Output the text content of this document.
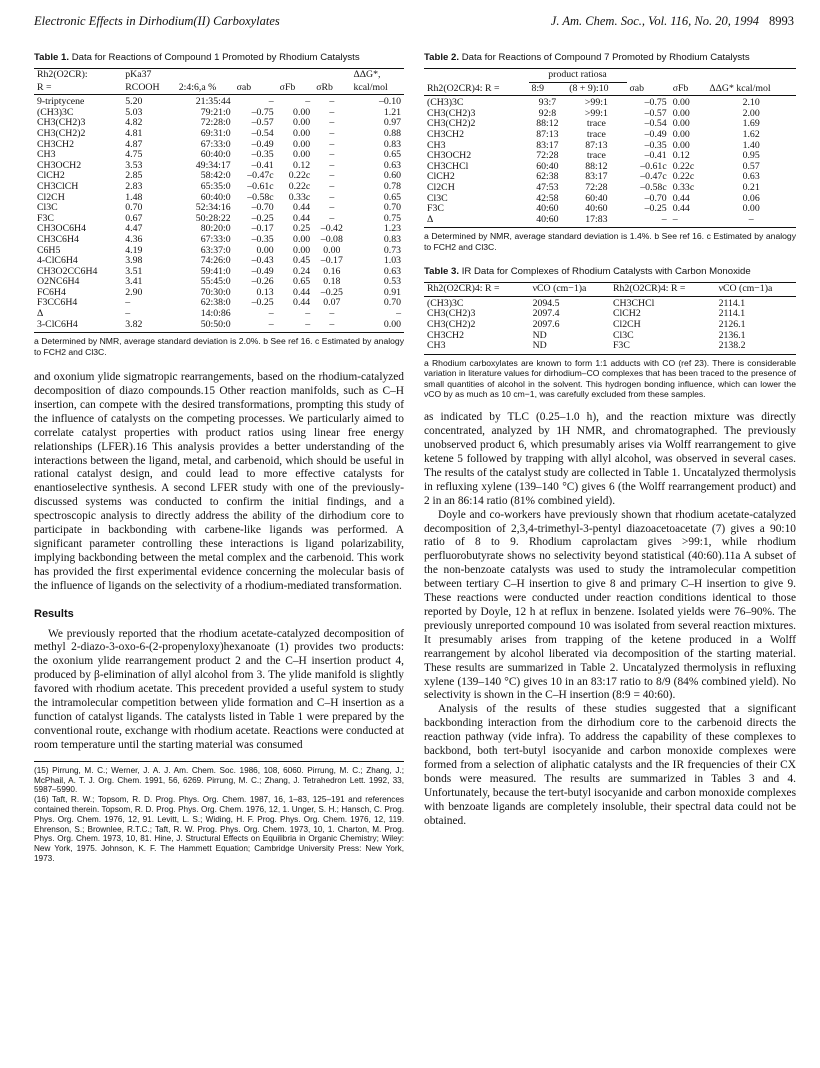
Electronic Effects in Dirhodium(II) Carboxylates	J. Am. Chem. Soc., Vol. 116, No. 20, 1994 8993

Table 1. Data for Reactions of Compound 1 Promoted by Rhodium Catalysts

Rh2(O2CR):	pKa37					ΔΔG*,
R =	RCOOH	2:4:6,a %	σab	σFb	σRb	kcal/mol
9-triptycene	5.20	21:35:44	–	–	–	–0.10
(CH3)3C	5.03	79:21:0	–0.75	0.00	–	1.21
CH3(CH2)3	4.82	72:28:0	–0.57	0.00	–	0.97
CH3(CH2)2	4.81	69:31:0	–0.54	0.00	–	0.88
CH3CH2	4.87	67:33:0	–0.49	0.00	–	0.83
CH3	4.75	60:40:0	–0.35	0.00	–	0.65
CH3OCH2	3.53	49:34:17	–0.41	0.12	–	0.63
ClCH2	2.85	58:42:0	–0.47c	0.22c	–	0.60
CH3ClCH	2.83	65:35:0	–0.61c	0.22c	–	0.78
Cl2CH	1.48	60:40:0	–0.58c	0.33c	–	0.65
Cl3C	0.70	52:34:16	–0.70	0.44	–	0.70
F3C	0.67	50:28:22	–0.25	0.44	–	0.75
CH3OC6H4	4.47	80:20:0	–0.17	0.25	–0.42	1.23
CH3C6H4	4.36	67:33:0	–0.35	0.00	–0.08	0.83
C6H5	4.19	63:37:0	0.00	0.00	0.00	0.73
4-ClC6H4	3.98	74:26:0	–0.43	0.45	–0.17	1.03
CH3O2CC6H4	3.51	59:41:0	–0.49	0.24	0.16	0.63
O2NC6H4	3.41	55:45:0	–0.26	0.65	0.18	0.53
FC6H4	2.90	70:30:0	0.13	0.44	–0.25	0.91
F3CC6H4	–	62:38:0	–0.25	0.44	0.07	0.70
Δ	–	14:0:86	–	–	–	–
3-ClC6H4	3.82	50:50:0	–	–	–	0.00

a Determined by NMR, average standard deviation is 2.0%. b See ref 16. c Estimated by analogy to FCH2 and Cl3C.

and oxonium ylide sigmatropic rearrangements, based on the rhodium-catalyzed decomposition of diazo compounds.15 Other reaction manifolds, such as C–H insertion, can compete with the desired transformations, prompting this study of the influence of catalysts on the competing processes. We particularly aimed to correlate catalyst properties with product ratios using linear free energy relationships (LFER).16 This analysis provides a better understanding of the interactions between the ligand, metal, and carbenoid, which should be useful in rational catalyst design, and could lead to more effective catalysts for enantioselective synthesis. A second LFER study with one of the previously-discussed systems was conducted to confirm the initial findings, and a spectroscopic analysis to directly address the ability of the dirhodium core to participate in backbonding with carbene-like ligands was performed. A significant parameter controlling these interactions is ligand polarizability, implying backbonding between the metal complex and the carbenoid. This work has provided the first experimental evidence concerning the molecular basis of the influence of ligands on the selectivity of a rhodium-mediated transformation.

Results

We previously reported that the rhodium acetate-catalyzed decomposition of methyl 2-diazo-3-oxo-6-(2-propenyloxy)hexanoate (1) provides two products: the oxonium ylide rearrangement product 2 and the C–H insertion product 4, produced by β-elimination of allyl alcohol from 3. The ylide manifold is slightly favored with rhodium acetate. This precedent provided a useful system to study the intramolecular competition between ylide formation and C–H insertion as a function of catalyst ligands. The catalysts listed in Table 1 were prepared by the conventional route, exchange with rhodium acetate. Reactions were conducted at room temperature until the starting material was consumed

(15) Pirrung, M. C.; Werner, J. A. J. Am. Chem. Soc. 1986, 108, 6060. Pirrung, M. C.; Zhang, J.; McPhail, A. T. J. Org. Chem. 1991, 56, 6269. Pirrung, M. C.; Zhang, J. Tetrahedron Lett. 1992, 33, 5987–5990.
(16) Taft, R. W.; Topsom, R. D. Prog. Phys. Org. Chem. 1987, 16, 1–83, 125–191 and references contained therein. Topsom, R. D. Prog. Phys. Org. Chem. 1976, 12, 1. Unger, S. H.; Hansch, C. Prog. Phys. Org. Chem. 1976, 12, 91. Levitt, L. S.; Widing, H. F. Prog. Phys. Org. Chem. 1976, 12, 119. Ehrenson, S.; Brownlee, R.T.C.; Taft, R. W. Prog. Phys. Org. Chem. 1973, 10, 1. Charton, M. Prog. Phys. Org. Chem. 1973, 10, 81. Hine, J. Structural Effects on Equilibria in Organic Chemistry; Wiley: New York, 1975. Johnson, K. F. The Hammett Equation; Cambridge University Press: New York, 1973.

Table 2. Data for Reactions of Compound 7 Promoted by Rhodium Catalysts

	product ratiosa				
Rh2(O2CR)4: R =	8:9	(8 + 9):10	σab	σFb	ΔΔG* kcal/mol
(CH3)3C	93:7	>99:1	–0.75	0.00	2.10
CH3(CH2)3	92:8	>99:1	–0.57	0.00	2.00
CH3(CH2)2	88:12	trace	–0.54	0.00	1.69
CH3CH2	87:13	trace	–0.49	0.00	1.62
CH3	83:17	87:13	–0.35	0.00	1.40
CH3OCH2	72:28	trace	–0.41	0.12	0.95
CH3CHCl	60:40	88:12	–0.61c	0.22c	0.57
ClCH2	62:38	83:17	–0.47c	0.22c	0.63
Cl2CH	47:53	72:28	–0.58c	0.33c	0.21
Cl3C	42:58	60:40	–0.70	0.44	0.06
F3C	40:60	40:60	–0.25	0.44	0.00
Δ	40:60	17:83	–	–	–

a Determined by NMR, average standard deviation is 1.4%. b See ref 16. c Estimated by analogy to FCH2 and Cl3C.

Table 3. IR Data for Complexes of Rhodium Catalysts with Carbon Monoxide

Rh2(O2CR)4: R =	νCO (cm−1)a	Rh2(O2CR)4: R =	νCO (cm−1)a
(CH3)3C	2094.5	CH3CHCl	2114.1
CH3(CH2)3	2097.4	ClCH2	2114.1
CH3(CH2)2	2097.6	Cl2CH	2126.1
CH3CH2	ND	Cl3C	2136.1
CH3	ND	F3C	2138.2

a Rhodium carboxylates are known to form 1:1 adducts with CO (ref 23). There is considerable variation in literature values for dirhodium–CO complexes that has been traced to the presence of small quantities of alcohol in the solvent. This hydrogen bonding influence, which can lower the νCO by as much as 10 cm−1, was carefully excluded from these samples.

as indicated by TLC (0.25–1.0 h), and the reaction mixture was directly concentrated, analyzed by 1H NMR, and chromatographed. The previously unobserved product 6, which presumably arises via Wolff rearrangement to give ketene 5 followed by trapping with allyl alcohol, was observed in several cases. The results of the catalyst study are collected in Table 1. Uncatalyzed thermolysis in refluxing xylene (139–140 °C) gives 6 (the Wolff rearrangement product) and 2 in an 86:14 ratio (81% combined yield).

Doyle and co-workers have previously shown that rhodium acetate-catalyzed decomposition of 2,3,4-trimethyl-3-pentyl diazoacetoacetate (7) gives a 90:10 ratio of 8 to 9. Rhodium caprolactam gives >99:1, while rhodium perfluorobutyrate shows no selectivity beyond statistical (40:60).11a A subset of the non-benzoate catalysts was used to study the intramolecular competition between tertiary C–H insertion to give 8 and primary C–H insertion to give 9. These reactions were conducted under reaction conditions identical to those reported by Doyle, 12 h at reflux in benzene. Isolated yields were 76–90%. The previously unreported compound 10 was isolated from several reaction mixtures. It presumably arises from trapping of the ketene produced in a Wolff rearrangement by alcohol liberated via decomposition of the starting material. These results are summarized in Table 2. Uncatalyzed thermolysis in refluxing xylene (139–140 °C) gives 10 in an 83:17 ratio to 8/9 (84% combined yield). No selectivity is shown in the C–H insertion (8:9 = 40:60).

Analysis of the results of these studies suggested that a significant backbonding interaction from the dirhodium core to the carbenoid directs the reaction pathway (vide infra). To address the capability of these complexes to backbond, both tert-butyl isocyanide and carbon monoxide complexes were formed from a selection of aliphatic catalysts and the IR frequencies of their CX bonds were measured. The results are summarized in Tables 3 and 4. Unfortunately, because the tert-butyl isocyanide and carbon monoxide complexes with benzoate ligands are completely insoluble, their spectral data could not be obtained.
